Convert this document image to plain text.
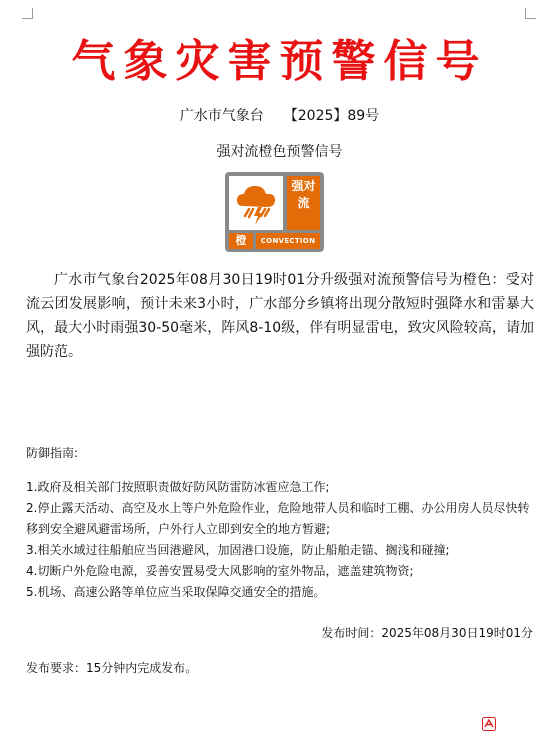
气象灾害预警信号
广水市气象台 【2025】89号
强对流橙色预警信号
强对流
橙	CONVECTION
广水市气象台2025年08月30日19时01分升级强对流预警信号为橙色：受对流云团发展影响，预计未来3小时，广水部分乡镇将出现分散短时强降水和雷暴大风，最大小时雨强30-50毫米，阵风8-10级，伴有明显雷电，致灾风险较高，请加强防范。
防御指南:
1.政府及相关部门按照职责做好防风防雷防冰雹应急工作;
2.停止露天活动、高空及水上等户外危险作业，危险地带人员和临时工棚、办公用房人员尽快转移到安全避风避雷场所，户外行人立即到安全的地方暂避;
3.相关水域过往船舶应当回港避风，加固港口设施，防止船舶走锚、搁浅和碰撞;
4.切断户外危险电源，妥善安置易受大风影响的室外物品，遮盖建筑物资;
5.机场、高速公路等单位应当采取保障交通安全的措施。
发布时间：2025年08月30日19时01分
发布要求：15分钟内完成发布。
